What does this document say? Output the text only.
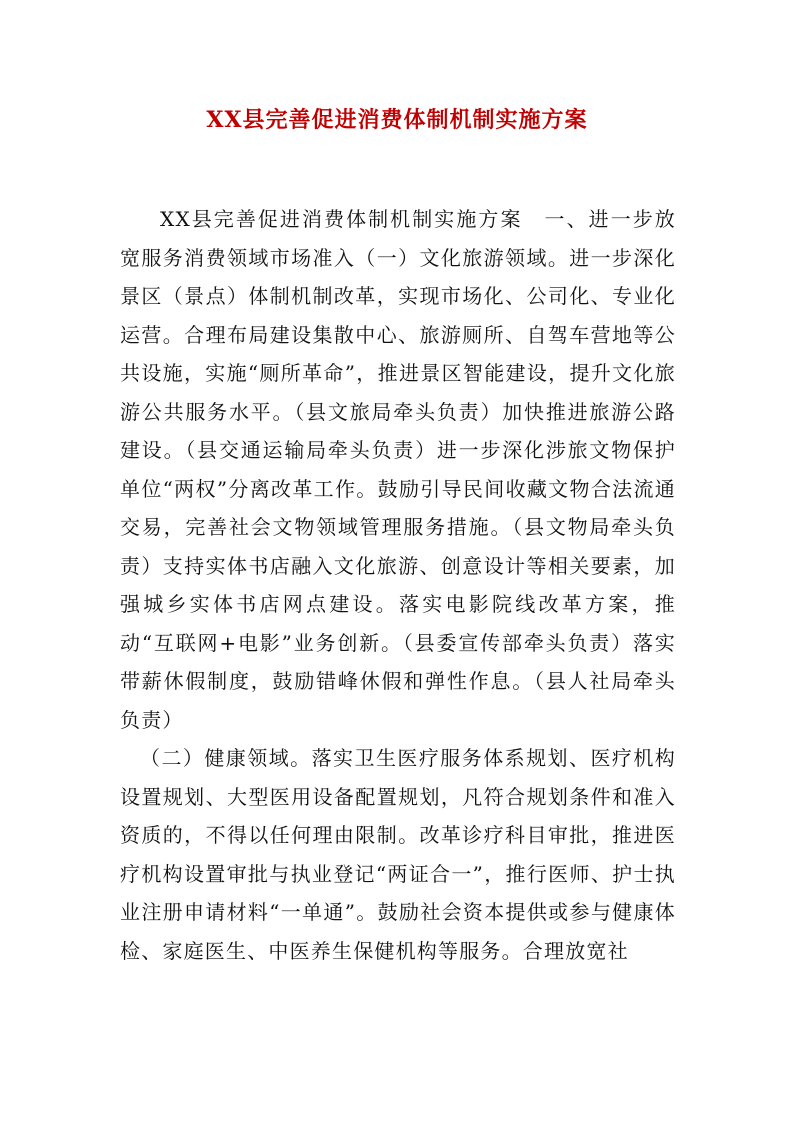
XX县完善促进消费体制机制实施方案

XX县完善促进消费体制机制实施方案　一、进一步放宽服务消费领域市场准入（一）文化旅游领域。进一步深化景区（景点）体制机制改革，实现市场化、公司化、专业化运营。合理布局建设集散中心、旅游厕所、自驾车营地等公共设施，实施“厕所革命”，推进景区智能建设，提升文化旅游公共服务水平。（县文旅局牵头负责）加快推进旅游公路建设。（县交通运输局牵头负责）进一步深化涉旅文物保护单位“两权”分离改革工作。鼓励引导民间收藏文物合法流通交易，完善社会文物领域管理服务措施。（县文物局牵头负责）支持实体书店融入文化旅游、创意设计等相关要素，加强城乡实体书店网点建设。落实电影院线改革方案，推动“互联网+电影”业务创新。（县委宣传部牵头负责）落实带薪休假制度，鼓励错峰休假和弹性作息。（县人社局牵头负责）

（二）健康领域。落实卫生医疗服务体系规划、医疗机构设置规划、大型医用设备配置规划，凡符合规划条件和准入资质的，不得以任何理由限制。改革诊疗科目审批，推进医疗机构设置审批与执业登记“两证合一”，推行医师、护士执业注册申请材料“一单通”。鼓励社会资本提供或参与健康体检、家庭医生、中医养生保健机构等服务。合理放宽社
